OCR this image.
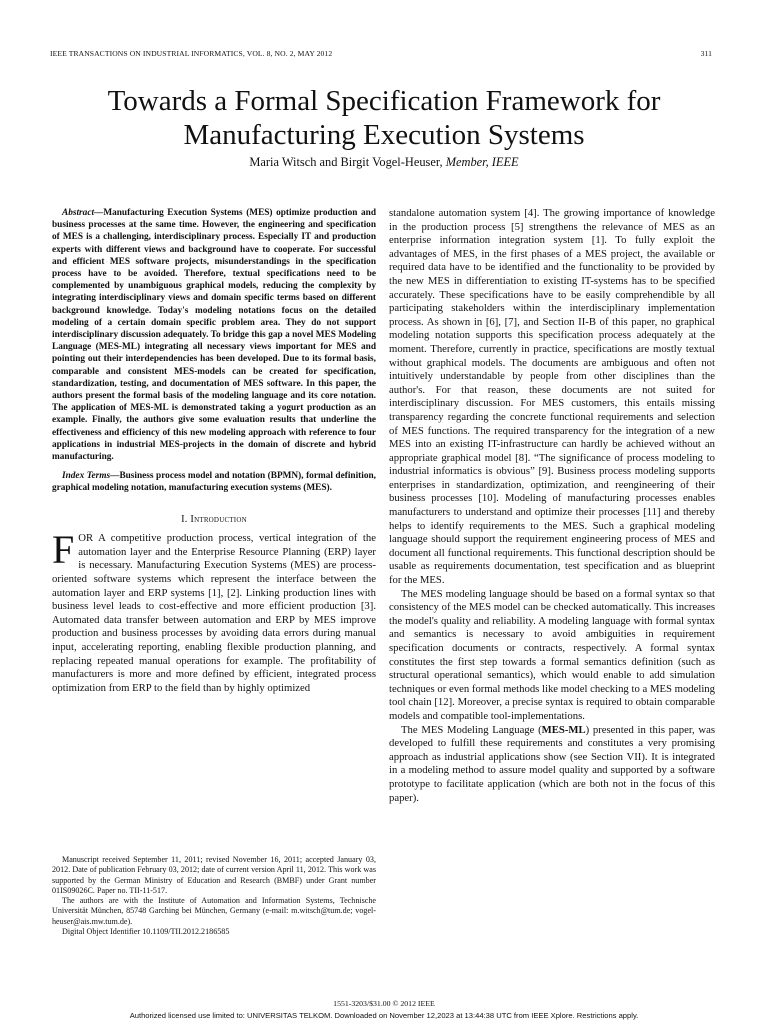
IEEE TRANSACTIONS ON INDUSTRIAL INFORMATICS, VOL. 8, NO. 2, MAY 2012	311
Towards a Formal Specification Framework for Manufacturing Execution Systems
Maria Witsch and Birgit Vogel-Heuser, Member, IEEE

Abstract—Manufacturing Execution Systems (MES) optimize production and business processes at the same time. However, the engineering and specification of MES is a challenging, interdisciplinary process. Especially IT and production experts with different views and background have to cooperate. For successful and efficient MES software projects, misunderstandings in the specification process have to be avoided. Therefore, textual specifications need to be complemented by unambiguous graphical models, reducing the complexity by integrating interdisciplinary views and domain specific terms based on different background knowledge. Today's modeling notations focus on the detailed modeling of a certain domain specific problem area. They do not support interdisciplinary discussion adequately. To bridge this gap a novel MES Modeling Language (MES-ML) integrating all necessary views important for MES and pointing out their interdependencies has been developed. Due to its formal basis, comparable and consistent MES-models can be created for specification, standardization, testing, and documentation of MES software. In this paper, the authors present the formal basis of the modeling language and its core notation. The application of MES-ML is demonstrated taking a yogurt production as an example. Finally, the authors give some evaluation results that underline the effectiveness and efficiency of this new modeling approach with reference to four applications in industrial MES-projects in the domain of discrete and hybrid manufacturing.

Index Terms—Business process model and notation (BPMN), formal definition, graphical modeling notation, manufacturing execution systems (MES).

I. Introduction

FOR A competitive production process, vertical integration of the automation layer and the Enterprise Resource Planning (ERP) layer is necessary. Manufacturing Execution Systems (MES) are process-oriented software systems which represent the interface between the automation layer and ERP systems [1], [2]. Linking production lines with business level leads to cost-effective and more efficient production [3]. Automated data transfer between automation and ERP by MES improve production and business processes by avoiding data errors during manual input, accelerating reporting, enabling flexible production planning, and replacing repeated manual operations for example. The profitability of manufacturers is more and more defined by efficient, integrated process optimization from ERP to the field than by highly optimized

Manuscript received September 11, 2011; revised November 16, 2011; accepted January 03, 2012. Date of publication February 03, 2012; date of current version April 11, 2012. This work was supported by the German Ministry of Education and Research (BMBF) under Grant number 01IS09026C. Paper no. TII-11-517.

The authors are with the Institute of Automation and Information Systems, Technische Universität München, 85748 Garching bei München, Germany (e-mail: m.witsch@tum.de; vogel-heuser@ais.mw.tum.de).

Digital Object Identifier 10.1109/TII.2012.2186585

standalone automation system [4]. The growing importance of knowledge in the production process [5] strengthens the relevance of MES as an enterprise information integration system [1]. To fully exploit the advantages of MES, in the first phases of a MES project, the available or required data have to be identified and the functionality to be provided by the new MES in differentiation to existing IT-systems has to be specified accurately. These specifications have to be easily comprehendible by all participating stakeholders within the interdisciplinary implementation process. As shown in [6], [7], and Section II-B of this paper, no graphical modeling notation supports this specification process adequately at the moment. Therefore, currently in practice, specifications are mostly textual without graphical models. The documents are ambiguous and often not intuitively understandable by people from other disciplines than the author's. For that reason, these documents are not suited for interdisciplinary discussion. For MES customers, this entails missing transparency regarding the concrete functional requirements and selection of MES functions. The required transparency for the integration of a new MES into an existing IT-infrastructure can hardly be achieved without an appropriate graphical model [8]. “The significance of process modeling to industrial informatics is obvious” [9]. Business process modeling supports enterprises in standardization, optimization, and reengineering of their business processes [10]. Modeling of manufacturing processes enables manufacturers to understand and optimize their processes [11] and thereby helps to identify requirements to the MES. Such a graphical modeling language should support the requirement engineering process of MES and document all functional requirements. This functional description should be usable as requirements documentation, test specification and as blueprint for the MES.

The MES modeling language should be based on a formal syntax so that consistency of the MES model can be checked automatically. This increases the model's quality and reliability. A modeling language with formal syntax and semantics is necessary to avoid ambiguities in requirement specification documents or contracts, respectively. A formal syntax constitutes the first step towards a formal semantics definition (such as structural operational semantics), which would enable to add simulation techniques or even formal methods like model checking to a MES modeling tool chain [12]. Moreover, a precise syntax is required to obtain comparable models and compatible tool-implementations.

The MES Modeling Language (MES-ML) presented in this paper, was developed to fulfill these requirements and constitutes a very promising approach as industrial applications show (see Section VII). It is integrated in a modeling method to assure model quality and supported by a software prototype to facilitate application (which are both not in the focus of this paper).

1551-3203/$31.00 © 2012 IEEE
Authorized licensed use limited to: UNIVERSITAS TELKOM. Downloaded on November 12,2023 at 13:44:38 UTC from IEEE Xplore. Restrictions apply.
